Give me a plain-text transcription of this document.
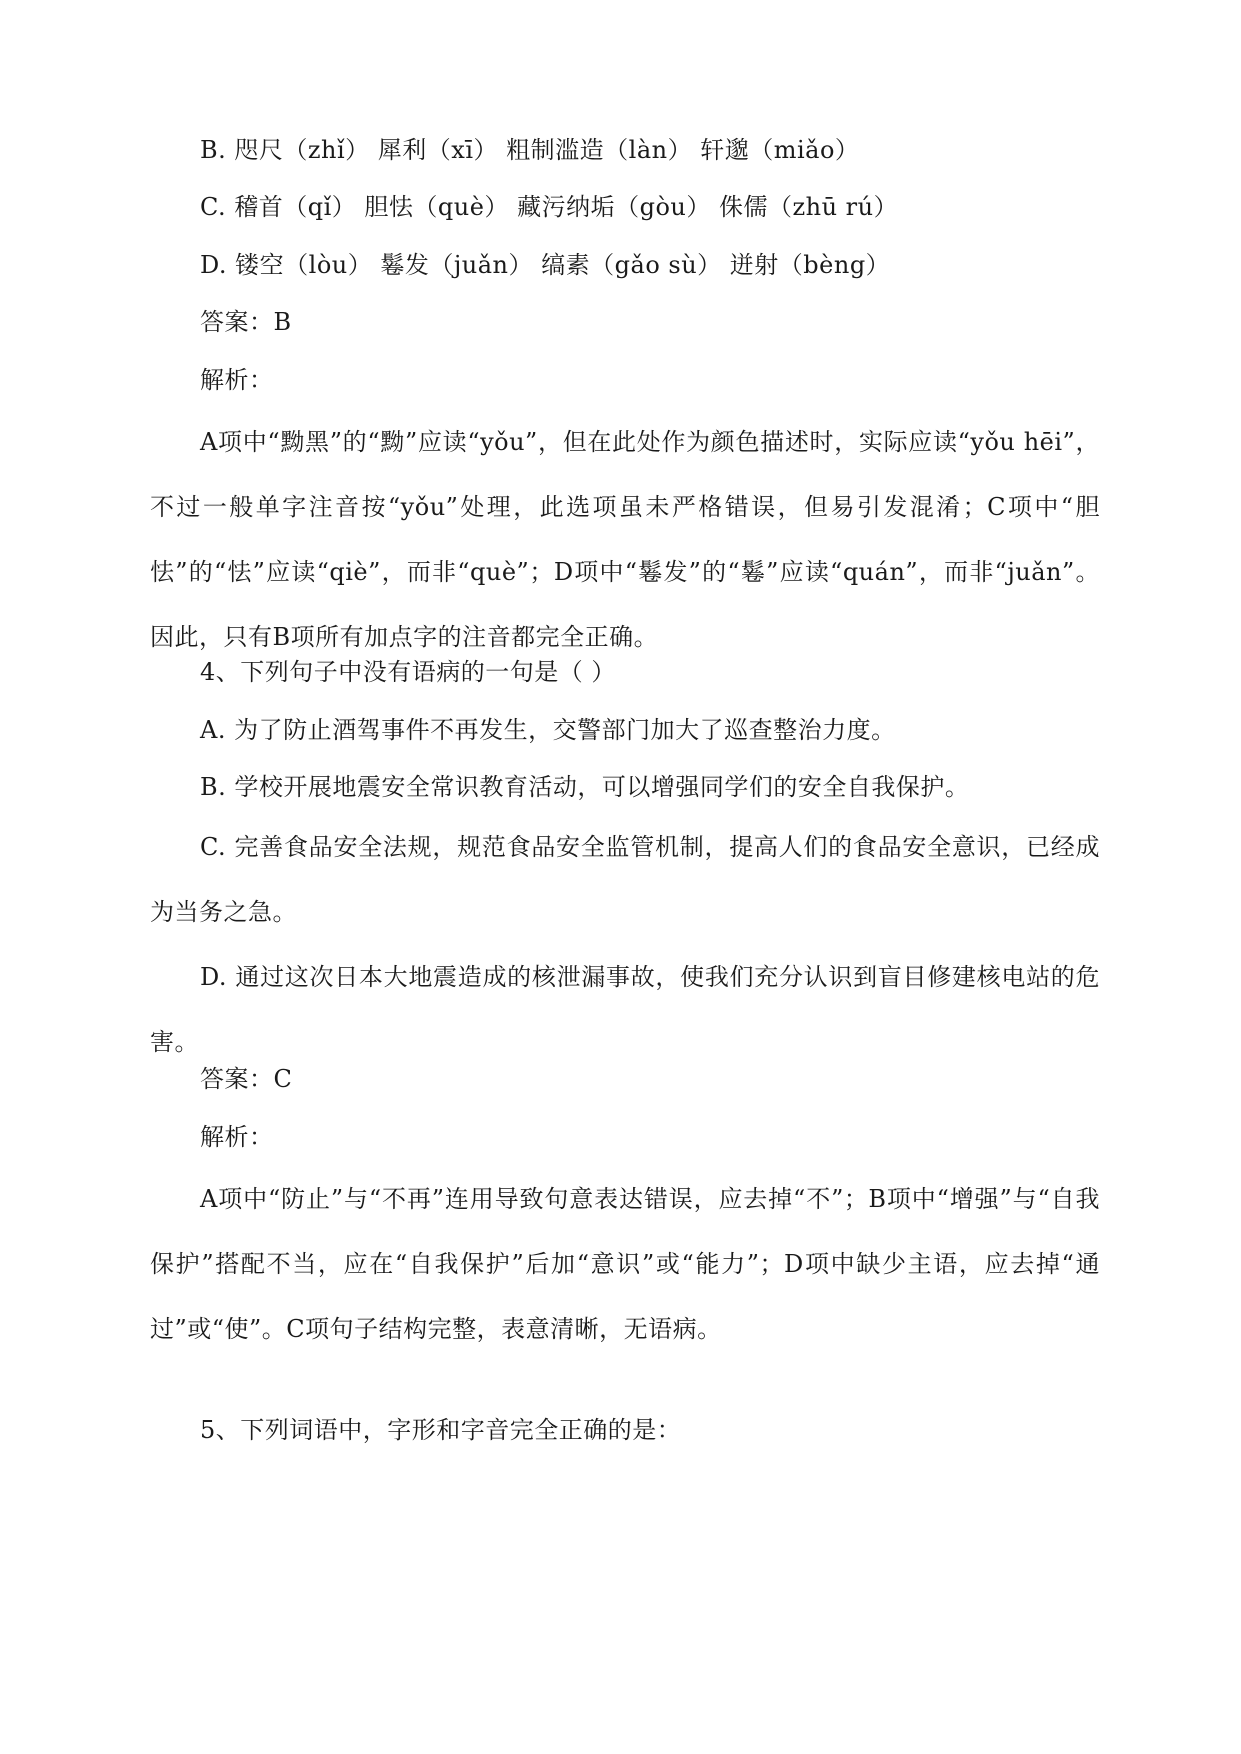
B. 咫尺（zhǐ） 犀利（xī） 粗制滥造（làn） 轩邈（miǎo）
C. 稽首（qǐ） 胆怯（què） 藏污纳垢（gòu） 侏儒（zhū rú）
D. 镂空（lòu） 鬈发（juǎn） 缟素（gǎo sù） 迸射（bèng）
答案：B
解析：
A项中“黝黑”的“黝”应读“yǒu”，但在此处作为颜色描述时，实际应读“yǒu hēi”，不过一般单字注音按“yǒu”处理，此选项虽未严格错误，但易引发混淆；C项中“胆怯”的“怯”应读“qiè”，而非“què”；D项中“鬈发”的“鬈”应读“quán”，而非“juǎn”。因此，只有B项所有加点字的注音都完全正确。
4、下列句子中没有语病的一句是（ ）
A. 为了防止酒驾事件不再发生，交警部门加大了巡查整治力度。
B. 学校开展地震安全常识教育活动，可以增强同学们的安全自我保护。
C. 完善食品安全法规，规范食品安全监管机制，提高人们的食品安全意识，已经成为当务之急。
D. 通过这次日本大地震造成的核泄漏事故，使我们充分认识到盲目修建核电站的危害。
答案：C
解析：
A项中“防止”与“不再”连用导致句意表达错误，应去掉“不”；B项中“增强”与“自我保护”搭配不当，应在“自我保护”后加“意识”或“能力”；D项中缺少主语，应去掉“通过”或“使”。C项句子结构完整，表意清晰，无语病。
5、下列词语中，字形和字音完全正确的是：
